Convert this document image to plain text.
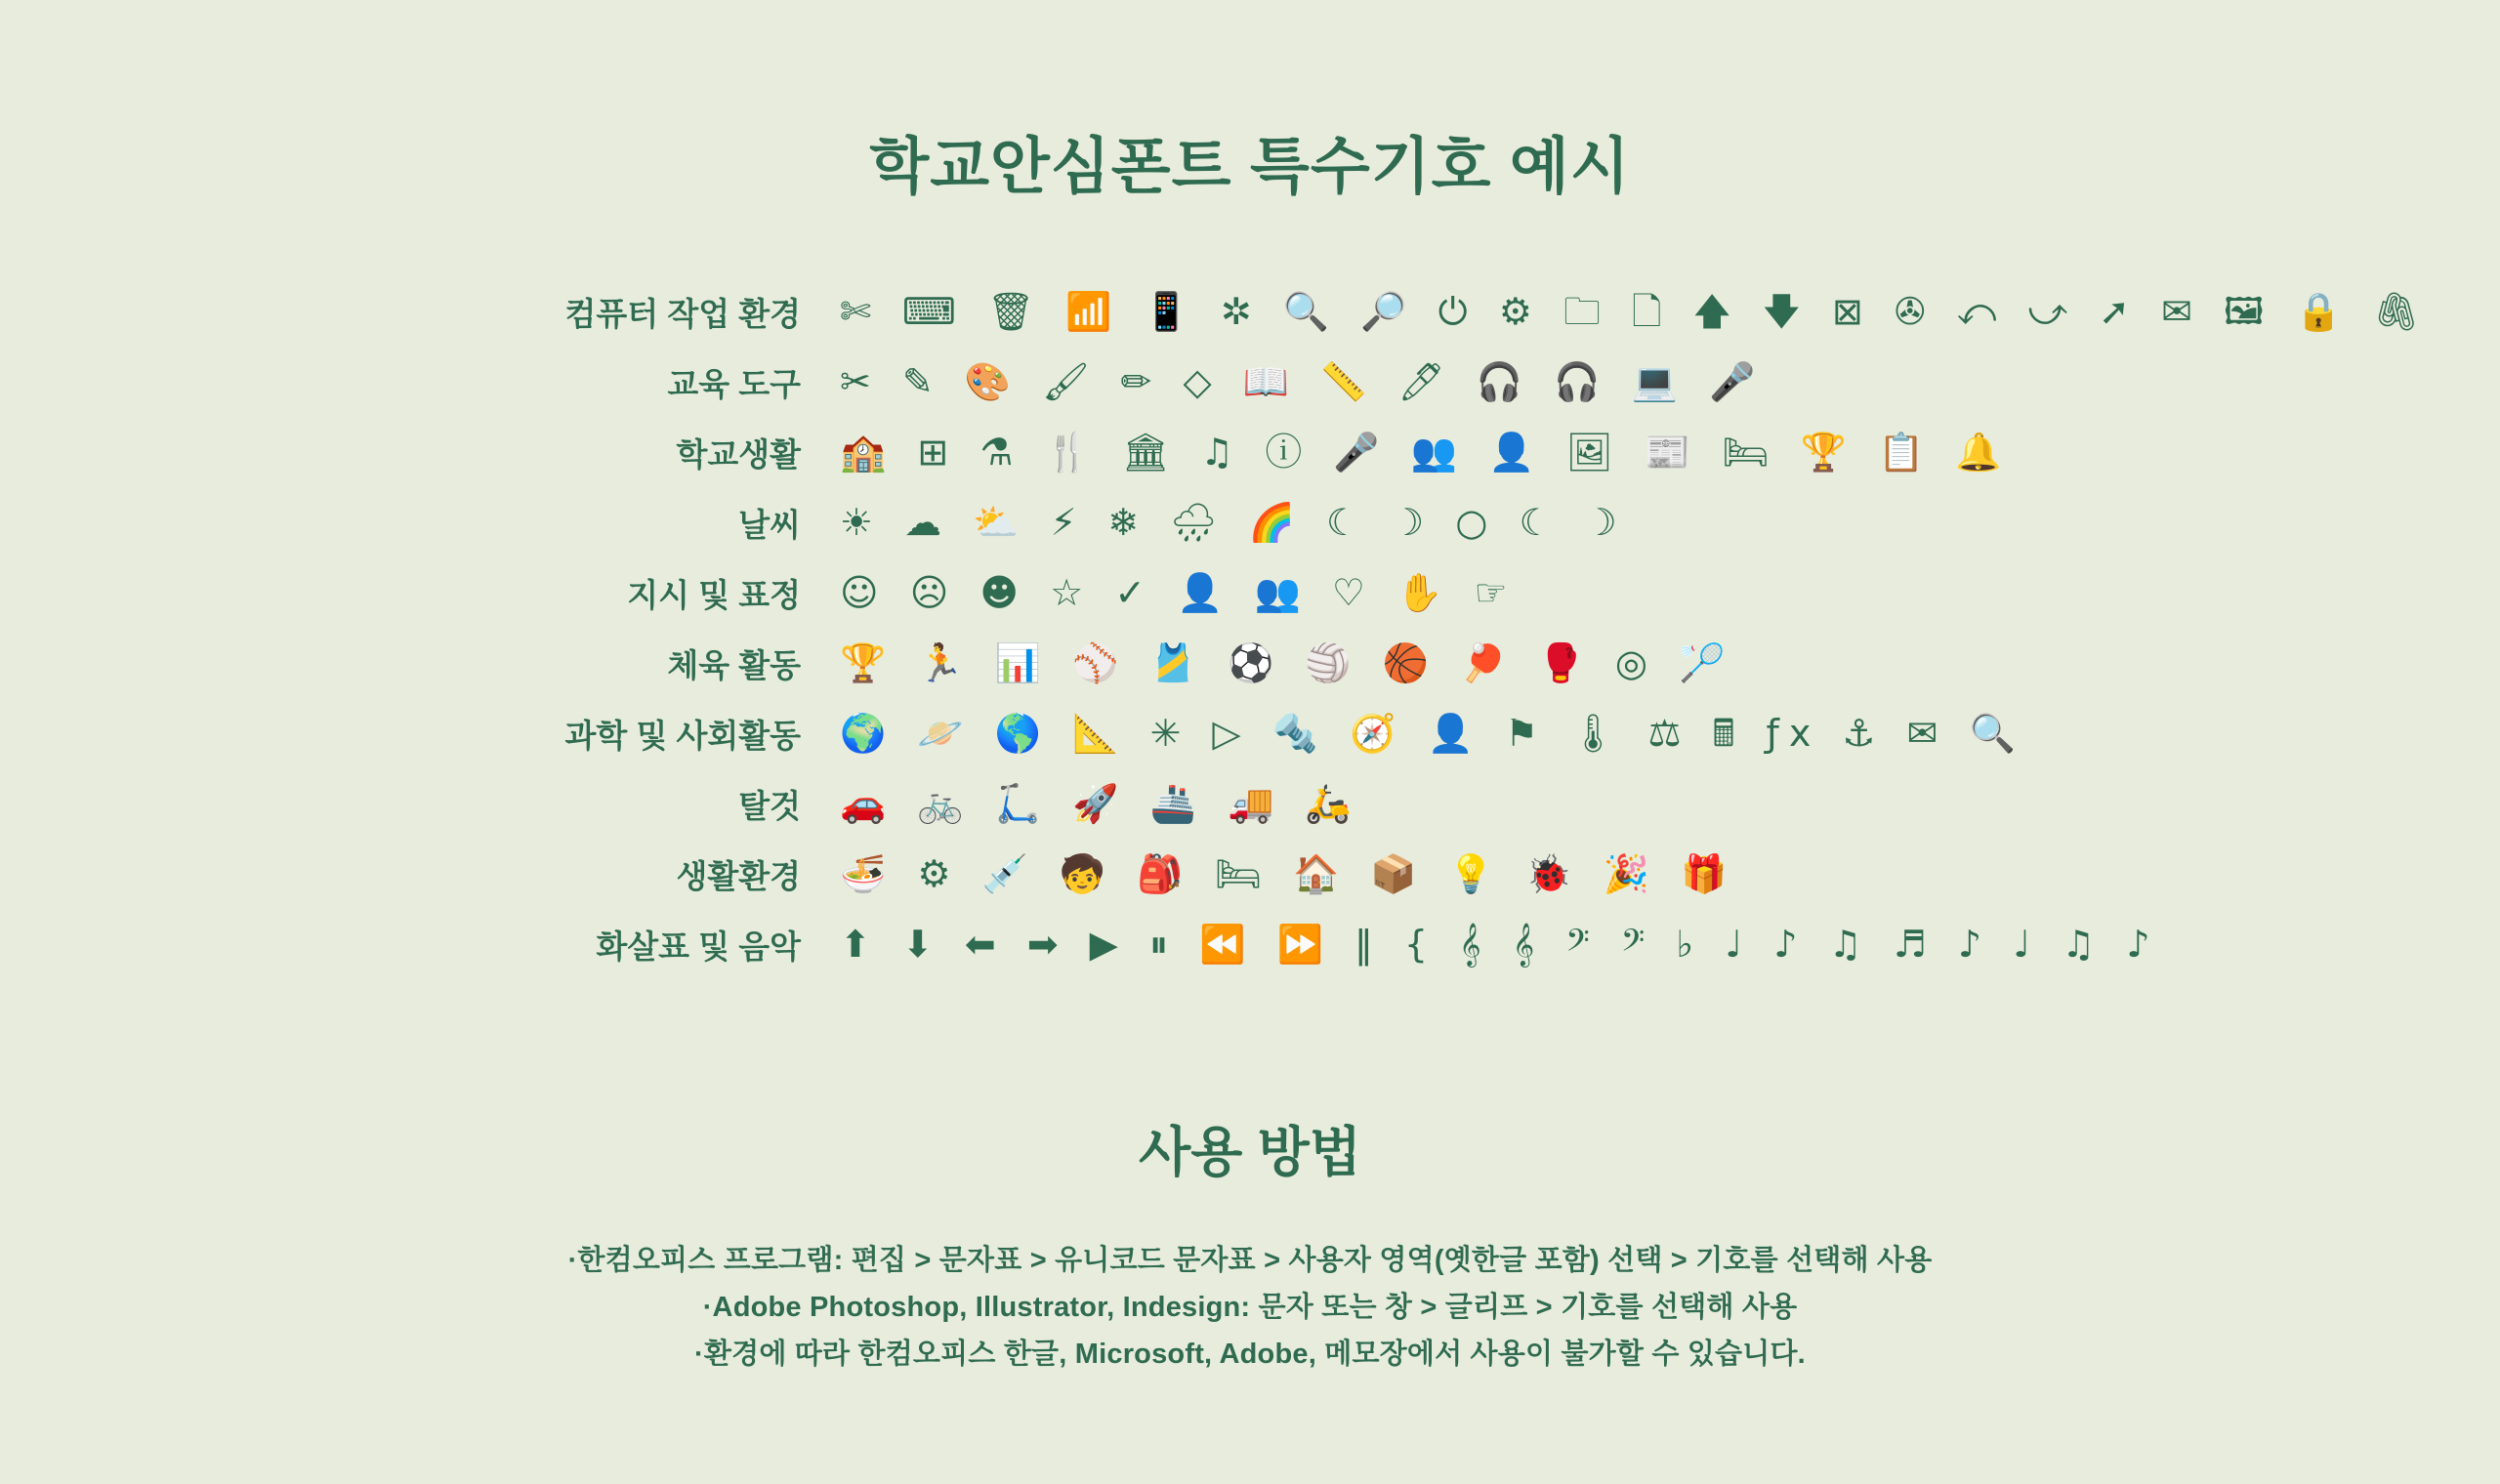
학교안심폰트 특수기호 예시
컴퓨터 작업 환경	✄ ⌨ 🗑 📶 📱 ✲ 🔍 🔎 ⏻ ⚙ 🗀 🗋 🡅 🡇 ⊠ ✇ ⤺ ⤻ ➚ ✉ 🖼 🔒 🖇
교육 도구	✂ ✎ 🎨 🖌 ✏ ◇ 📖 📏 🖊 🎧 🎧 💻 🎤
학교생활	🏫 ⊞ ⚗ 🍴 🏛 ♫ ⓘ 🎤 👥 👤 🖼 📰 🛏 🏆 📋 🔔
날씨	☀ ☁ ⛅ ⚡ ❄ 🌧 🌈 ☾ ☽ ○ ☾ ☽
지시 및 표정	☺ ☹ ☻ ☆ ✓ 👤 👥 ♡ ✋ ☞
체육 활동	🏆 🏃 📊 ⚾ 🎽 ⚽ 🏐 🏀 🏓 🥊 ◎ 🏸
과학 및 사회활동	🌍 🪐 🌎 📐 ✳ ▷ 🔩 🧭 👤 ⚑ 🌡 ⚖ 🖩 ƒx ⚓ ✉ 🔍
탈것	🚗 🚲 🛴 🚀 🚢 🚚 🛵
생활환경	🍜 ⚙ 💉 🧒 🎒 🛏 🏠 📦 💡 🐞 🎉 🎁
화살표 및 음악	⬆ ⬇ ⬅ ➡ ▶ ⏸ ⏪ ⏩ ‖ { 𝄞 𝄞 𝄢 𝄢 ♭ ♩ ♪ ♫ ♬ ♪ ♩ ♫ ♪
사용 방법
·한컴오피스 프로그램: 편집 > 문자표 > 유니코드 문자표 > 사용자 영역(옛한글 포함) 선택 > 기호를 선택해 사용
·Adobe Photoshop, Illustrator, Indesign: 문자 또는 창 > 글리프 > 기호를 선택해 사용
·환경에 따라 한컴오피스 한글, Microsoft, Adobe, 메모장에서 사용이 불가할 수 있습니다.
